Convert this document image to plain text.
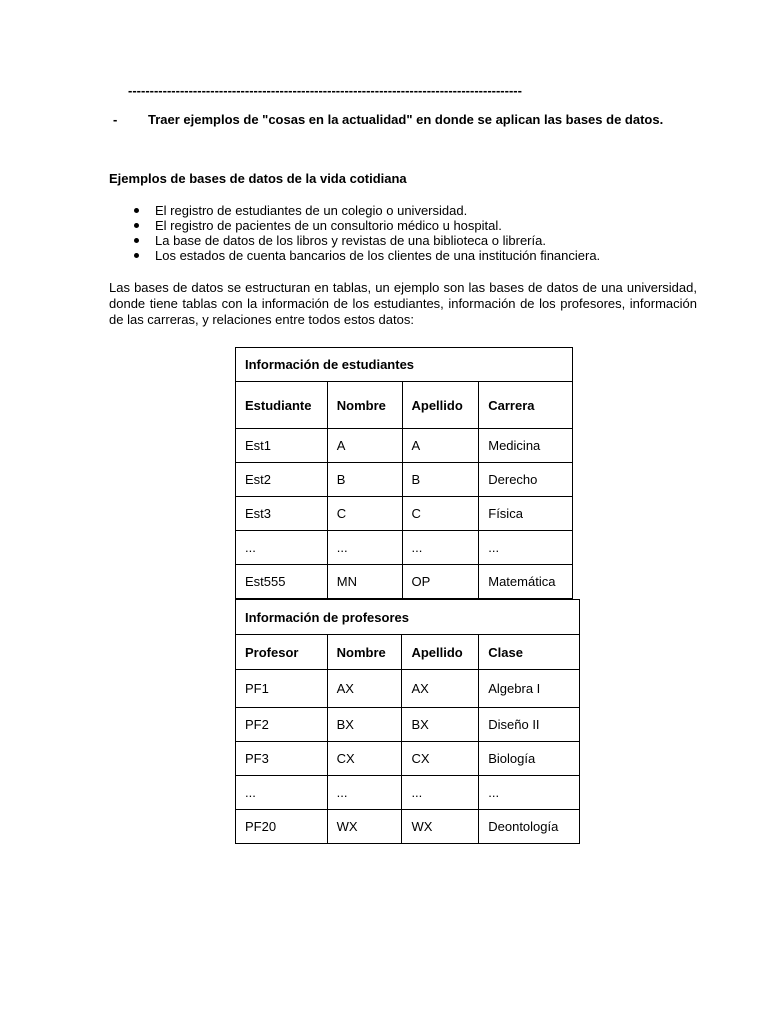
-------------------------------------------------------------------------------------------
- Traer ejemplos de "cosas en la actualidad" en donde se aplican las bases de datos.
Ejemplos de bases de datos de la vida cotidiana
El registro de estudiantes de un colegio o universidad.
El registro de pacientes de un consultorio médico u hospital.
La base de datos de los libros y revistas de una biblioteca o librería.
Los estados de cuenta bancarios de los clientes de una institución financiera.
Las bases de datos se estructuran en tablas, un ejemplo son las bases de datos de una universidad, donde tiene tablas con la información de los estudiantes, información de los profesores, información de las carreras, y relaciones entre todos estos datos:
Información de estudiantes			
Estudiante	Nombre	Apellido	Carrera
Est1	A	A	Medicina
Est2	B	B	Derecho
Est3	C	C	Física
...	...	...	...
Est555	MN	OP	Matemática
Información de profesores			
Profesor	Nombre	Apellido	Clase
PF1	AX	AX	Algebra I
PF2	BX	BX	Diseño II
PF3	CX	CX	Biología
...	...	...	...
PF20	WX	WX	Deontología
